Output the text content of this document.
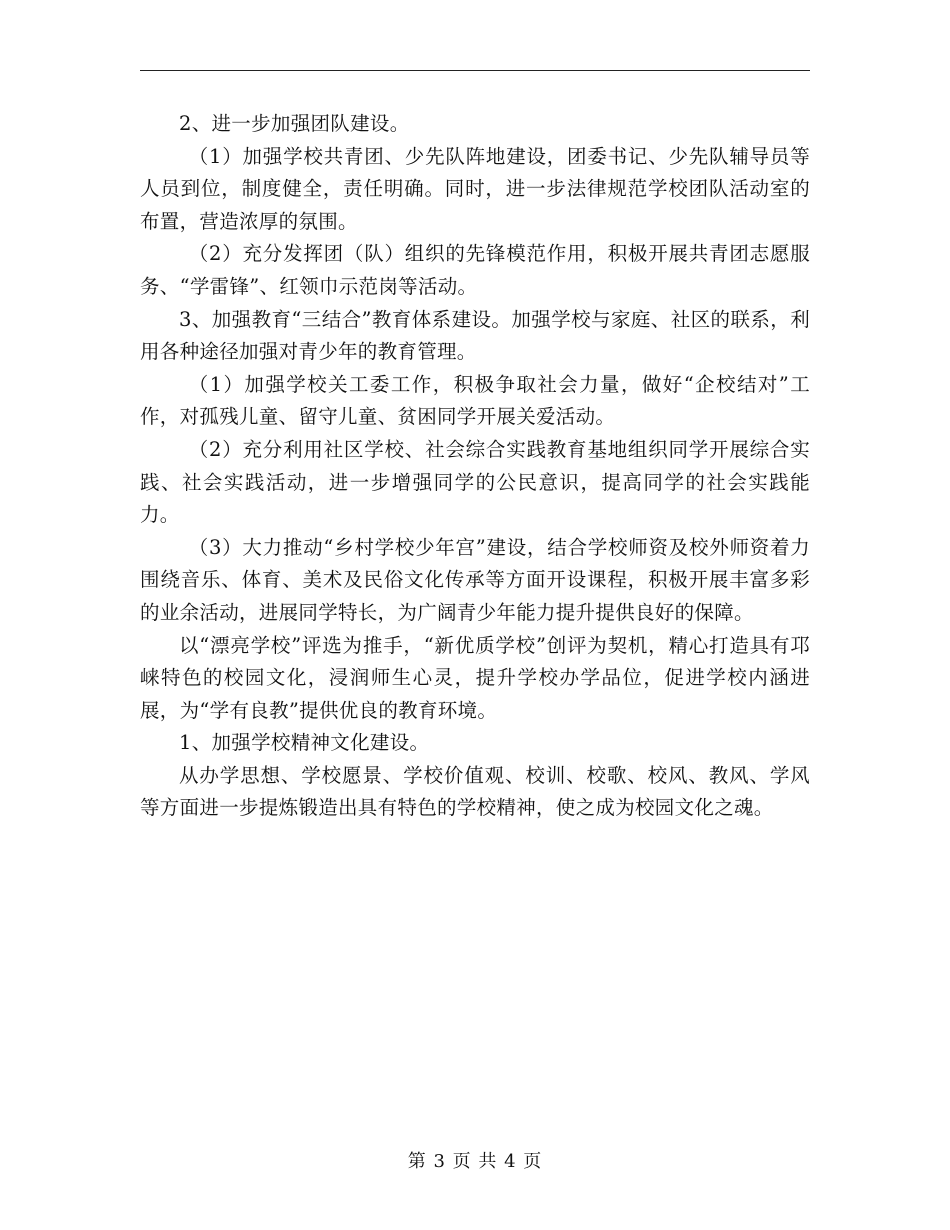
2、进一步加强团队建设。

（1）加强学校共青团、少先队阵地建设，团委书记、少先队辅导员等人员到位，制度健全，责任明确。同时，进一步法律规范学校团队活动室的布置，营造浓厚的氛围。

（2）充分发挥团（队）组织的先锋模范作用，积极开展共青团志愿服务、“学雷锋”、红领巾示范岗等活动。

3、加强教育“三结合”教育体系建设。加强学校与家庭、社区的联系，利用各种途径加强对青少年的教育管理。

（1）加强学校关工委工作，积极争取社会力量，做好“企校结对”工作，对孤残儿童、留守儿童、贫困同学开展关爱活动。

（2）充分利用社区学校、社会综合实践教育基地组织同学开展综合实践、社会实践活动，进一步增强同学的公民意识，提高同学的社会实践能力。

（3）大力推动“乡村学校少年宫”建设，结合学校师资及校外师资着力围绕音乐、体育、美术及民俗文化传承等方面开设课程，积极开展丰富多彩的业余活动，进展同学特长，为广阔青少年能力提升提供良好的保障。

以“漂亮学校”评选为推手，“新优质学校”创评为契机，精心打造具有邛崃特色的校园文化，浸润师生心灵，提升学校办学品位，促进学校内涵进展，为“学有良教”提供优良的教育环境。

1、加强学校精神文化建设。

从办学思想、学校愿景、学校价值观、校训、校歌、校风、教风、学风等方面进一步提炼锻造出具有特色的学校精神，使之成为校园文化之魂。

第 3 页 共 4 页
